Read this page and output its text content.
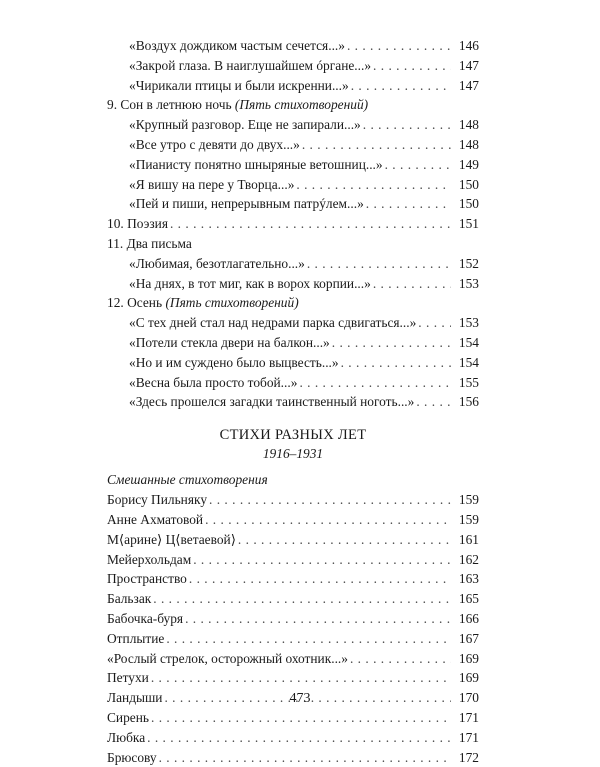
«Воздух дождиком частым сечется...» . . .	146
«Закрой глаза. В наиглушайшем óргане...» . . .	147
«Чирикали птицы и были искренни...» . . .	147
9. Сон в летнюю ночь (Пять стихотворений)
«Крупный разговор. Еще не запирали...» . . .	148
«Все утро с девяти до двух...» . . .	148
«Пианисту понятно шныряные ветошниц...» . . .	149
«Я вишу на пере у Творца...» . . .	150
«Пей и пиши, непрерывным патрýлем...» . . .	150
10. Поэзия . . .	151
11. Два письма
«Любимая, безотлагательно...» . . .	152
«На днях, в тот миг, как в ворох корпии...» . . .	153
12. Осень (Пять стихотворений)
«С тех дней стал над недрами парка сдвигаться...» . . .	153
«Потели стекла двери на балкон...» . . .	154
«Но и им суждено было выцвесть...» . . .	154
«Весна была просто тобой...» . . .	155
«Здесь прошелся загадки таинственный ноготь...» . . .	156
СТИХИ РАЗНЫХ ЛЕТ
1916–1931
Смешанные стихотворения
Борису Пильняку . . .	159
Анне Ахматовой . . .	159
М⟨арине⟩ Ц⟨ветаевой⟩ . . .	161
Мейерхольдам . . .	162
Пространство . . .	163
Бальзак . . .	165
Бабочка-буря . . .	166
Отплытие . . .	167
«Рослый стрелок, осторожный охотник...» . . .	169
Петухи . . .	169
Ландыши . . .	170
Сирень . . .	171
Любка . . .	171
Брюсову . . .	172
473
